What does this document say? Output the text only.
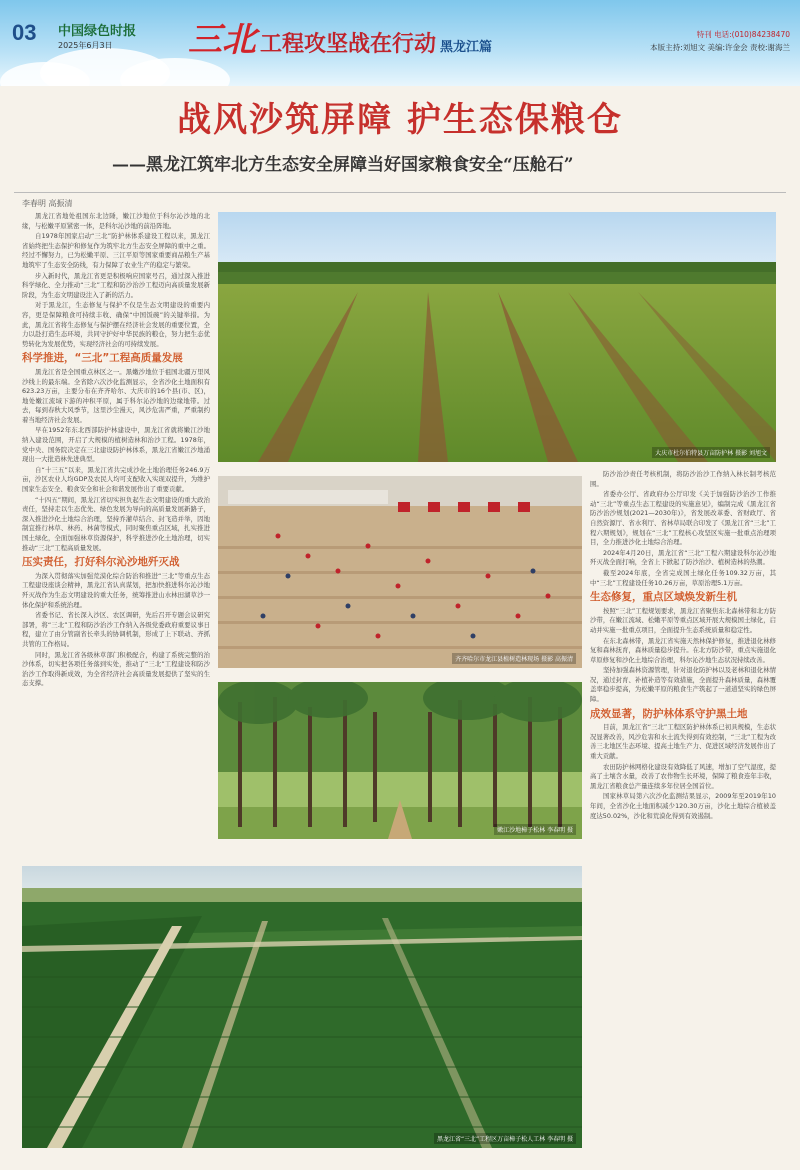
03 中国绿色时报
2025年6月3日 三北 工程攻坚战在行动 黑龙江篇
特刊 电话:(010)84238470
本版主持:刘旭文 美编:许金会 责校:谢海兰
战风沙筑屏障 护生态保粮仓
——黑龙江筑牢北方生态安全屏障当好国家粮食安全“压舱石”
李春明 高振清

黑龙江省地处祖国东北边陲，嫩江沙地位于科尔沁沙地的北缘，与松嫩平原紧密一体，是科尔沁沙地的前沿阵地。

自1978年国家启动“三北”防护林体系建设工程以来，黑龙江省始终把生态保护和修复作为筑牢北方生态安全屏障的重中之重。经过不懈努力，已为松嫩平原、三江平原等国家重要商品粮生产基地筑牢了生态安全防线，有力保障了农业生产的稳定与繁荣。

步入新时代，黑龙江省更是积极响应国家号召，通过深入推进科学绿化、全力推动“三北”工程和防沙治沙工程迈向高质量发展新阶段，为生态文明建设注入了新的活力。

对于黑龙江，生态修复与保护不仅是生态文明建设的重要内容，更是保障粮食可持续丰收、确保“中国饭碗”的关键举措。为此，黑龙江省将生态修复与保护摆在经济社会发展的重要位置，全力以赴打造生态环境，共同守护好中华民族的粮仓，努力把生态优势转化为发展优势，实现经济社会的可持续发展。

科学推进，“三北”工程高质量发展

黑龙江省是全国重点林区之一。黑嫩沙地位于祖国北疆万里风沙线上的最东端。全省除六次沙化监测显示，全省沙化土地面积有623.23万亩，主要分布在齐齐哈尔、大庆市的16个县(市、区)，地处嫩江流域下游的冲积平原，属于科尔沁沙地的边缘地带。过去，每到春秋大风季节，这里沙尘漫天，风沙危害严重，严重制约着当地经济社会发展。

早在1952年东北西部防护林建设中，黑龙江省就将嫩江沙地纳入建设范围，开启了大规模的植树造林和治沙工程。1978年，党中央、国务院决定在三北建设防护林体系，黑龙江省嫩江沙地涌现出一大批造林先进典型。

自“十三五”以来，黑龙江省共完成沙化土地治理任务246.9万亩，沙区农业人均GDP及农民人均可支配收入实现双提升，为维护国家生态安全、粮食安全和社会和谐发展作出了重要贡献。

“十四五”期间，黑龙江省切实担负起生态文明建设的重大政治责任，坚持走以生态优先、绿色发展为导向的高质量发展新路子，深入推进沙化土地综合治理，坚持乔灌草结合、封飞造并举，因地制宜推行林草、林药、林菌等模式，同时聚焦重点区域，扎实推进国土绿化，全面加强林草资源保护，科学推进沙化土地治理，切实推动“三北”工程高质量发展。

压实责任，打好科尔沁沙地歼灭战

为深入贯彻落实加强荒漠化综合防治和推进“三北”等重点生态工程建设座谈会精神，黑龙江省认真谋划，把加快推进科尔沁沙地歼灭战作为生态文明建设的重大任务，统筹推进山水林田湖草沙一体化保护和系统治理。

省委书记、省长深入沙区、农区调研，先后召开专题会议研究部署，将“三北”工程和防沙治沙工作纳入各级党委政府重要议事日程，建立了由分管副省长牵头的协调机制，形成了上下联动、齐抓共管的工作格局。

同时，黑龙江省各级林草部门积极配合，构建了系统完整的治沙体系，切实把各项任务落到实处，推动了“三北”工程建设和防沙治沙工作取得新成效，为全省经济社会高质量发展提供了坚实的生态支撑。

大庆市杜尔伯特县万亩防护林 摄影 刘旭文
齐齐哈尔市龙江县植树造林现场 摄影 高振清
嫩江沙地樟子松林 李春明 摄

防沙治沙责任考核机制，将防沙治沙工作纳入林长制考核范围。

省委办公厅、省政府办公厅印发《关于加强防沙治沙工作推动“三北”等重点生态工程建设的实施意见》，编制完成《黑龙江省防沙治沙规划(2021—2030年)》，省发展改革委、省财政厅、省自然资源厅、省水利厅、省林草局联合印发了《黑龙江省“三北”工程六期规划》，规划在“三北”工程核心攻坚区实施一批重点治理项目，全力推进沙化土地综合治理。

2024年4月20日，黑龙江省“三北”工程六期建设科尔沁沙地歼灭战全面打响，全省上下掀起了防沙治沙、植树造林的热潮。

截至2024年底，全省完成国土绿化任务109.32万亩，其中“三北”工程建设任务10.26万亩，草原治理5.1万亩。

生态修复，重点区域焕发新生机

按照“三北”工程规划要求，黑龙江省聚焦东北森林带和北方防沙带，在嫩江流域、松嫩平原等重点区域开展大规模国土绿化，启动并实施一批重点项目，全面提升生态系统质量和稳定性。

在东北森林带，黑龙江省实施天然林保护修复，推进退化林修复和森林抚育，森林质量稳步提升。在北方防沙带，重点实施退化草原修复和沙化土地综合治理，科尔沁沙地生态状况持续改善。

坚持加强森林资源管理，针对退化防护林以及老林和退化林情况，通过封育、补植补造等有效措施，全面提升森林质量，森林覆盖率稳步提高，为松嫩平原的粮食生产筑起了一道道坚实的绿色屏障。

成效显著，防护林体系守护黑土地

目前，黑龙江省“三北”工程区防护林体系已初具规模，生态状况显著改善，风沙危害和水土流失得到有效控制，“三北”工程为改善三北地区生态环境、提高土地生产力、促进区域经济发展作出了重大贡献。

农田防护林网格化建设有效降低了风速，增加了空气湿度，提高了土壤含水量，改善了农作物生长环境，保障了粮食连年丰收，黑龙江省粮食总产量连续多年位居全国首位。

国家林草局第六次沙化监测结果显示，2009年至2019年10年间，全省沙化土地面积减少120.30万亩，沙化土地综合植被盖度达50.02%，沙化和荒漠化得到有效遏制。

黑龙江省“三北”工程区万亩樟子松人工林 李春明 摄
